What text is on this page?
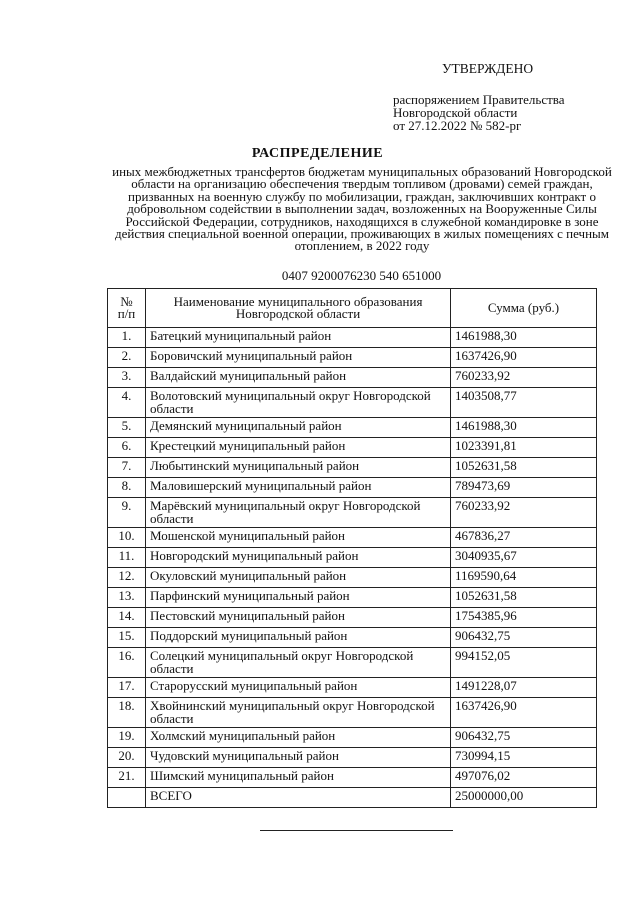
УТВЕРЖДЕНО
распоряжением Правительства
Новгородской области
от 27.12.2022 № 582-рг
РАСПРЕДЕЛЕНИЕ
иных межбюджетных трансфертов бюджетам муниципальных образований Новгородской области на организацию обеспечения твердым топливом (дровами) семей граждан, призванных на военную службу по мобилизации, граждан, заключивших контракт о добровольном содействии в выполнении задач, возложенных на Вооруженные Силы Российской Федерации, сотрудников, находящихся в служебной командировке в зоне действия специальной военной операции, проживающих в жилых помещениях с печным отоплением, в 2022 году
0407 9200076230 540 651000
№
п/п	Наименование муниципального образования Новгородской области	Сумма (руб.)
1.	Батецкий муниципальный район	1461988,30
2.	Боровичский муниципальный район	1637426,90
3.	Валдайский муниципальный район	760233,92
4.	Волотовский муниципальный округ Новгородской области	1403508,77
5.	Демянский муниципальный район	1461988,30
6.	Крестецкий муниципальный район	1023391,81
7.	Любытинский муниципальный район	1052631,58
8.	Маловишерский муниципальный район	789473,69
9.	Марёвский муниципальный округ Новгородской области	760233,92
10.	Мошенской муниципальный район	467836,27
11.	Новгородский муниципальный район	3040935,67
12.	Окуловский муниципальный район	1169590,64
13.	Парфинский муниципальный район	1052631,58
14.	Пестовский муниципальный район	1754385,96
15.	Поддорский муниципальный район	906432,75
16.	Солецкий муниципальный округ Новгородской области	994152,05
17.	Старорусский муниципальный район	1491228,07
18.	Хвойнинский муниципальный округ Новгородской области	1637426,90
19.	Холмский муниципальный район	906432,75
20.	Чудовский муниципальный район	730994,15
21.	Шимский муниципальный район	497076,02
	ВСЕГО	25000000,00
